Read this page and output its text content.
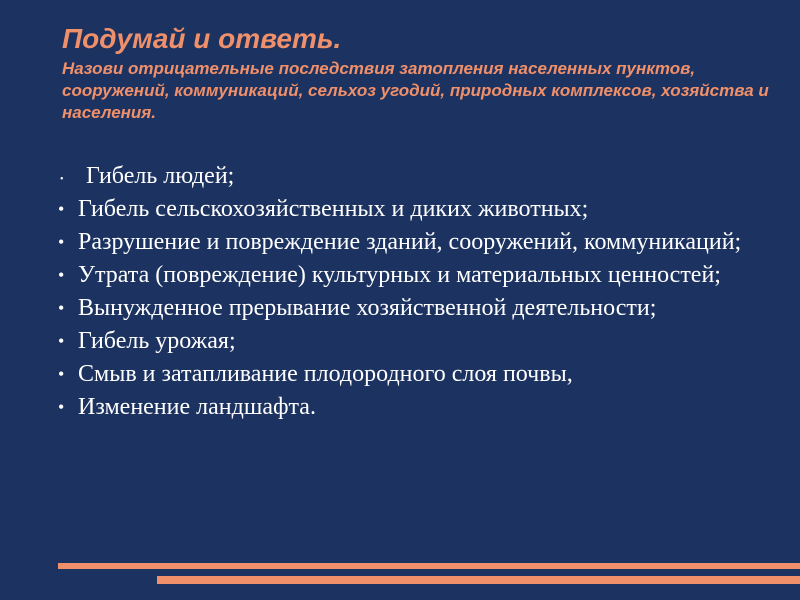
Подумай и ответь.

Назови отрицательные последствия затопления населенных пунктов, сооружений, коммуникаций, сельхоз угодий, природных комплексов, хозяйства и населения.

• Гибель людей;
• Гибель сельскохозяйственных и диких животных;
• Разрушение и повреждение зданий, сооружений, коммуникаций;
• Утрата (повреждение) культурных и материальных ценностей;
• Вынужденное прерывание хозяйственной деятельности;
• Гибель урожая;
• Смыв и затапливание плодородного слоя почвы,
• Изменение ландшафта.
